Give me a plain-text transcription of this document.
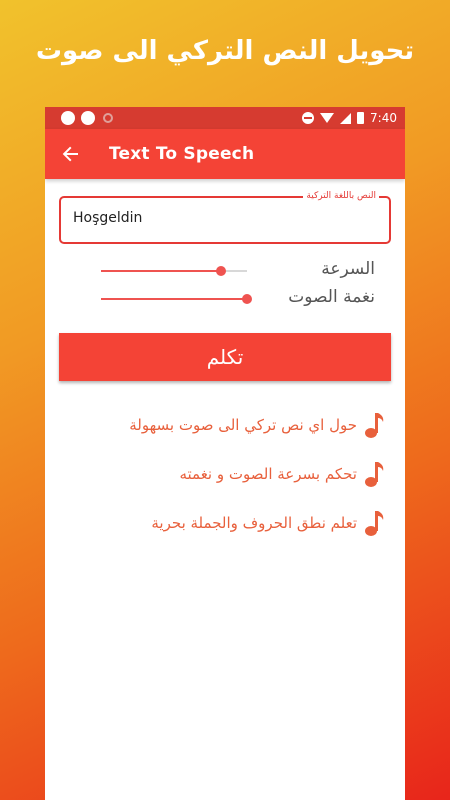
تحويل النص التركي الى صوت
7:40
Text To Speech
النص باللغة التركية
Hoşgeldin
السرعة
نغمة الصوت
تكلم
حول اي نص تركي الى صوت بسهولة
تحكم بسرعة الصوت و نغمته
تعلم نطق الحروف والجملة بحرية
